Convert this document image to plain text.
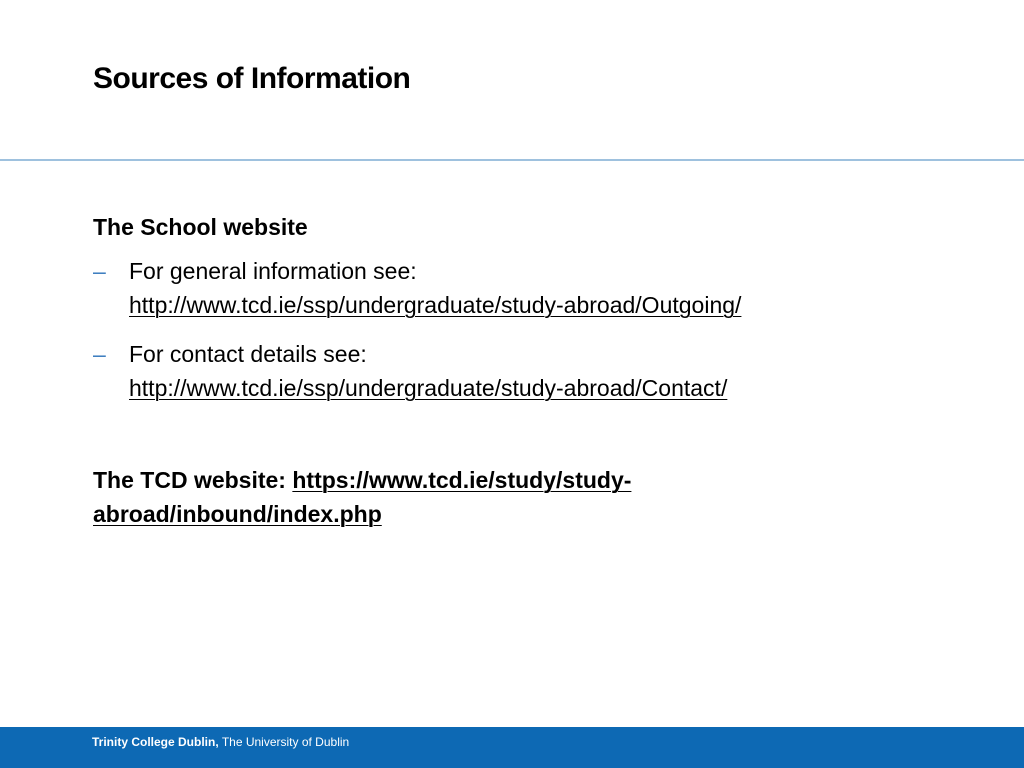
Sources of Information
The School website
– For general information see:
http://www.tcd.ie/ssp/undergraduate/study-abroad/Outgoing/
– For contact details see:
http://www.tcd.ie/ssp/undergraduate/study-abroad/Contact/
The TCD website: https://www.tcd.ie/study/study-abroad/inbound/index.php
Trinity College Dublin, The University of Dublin
